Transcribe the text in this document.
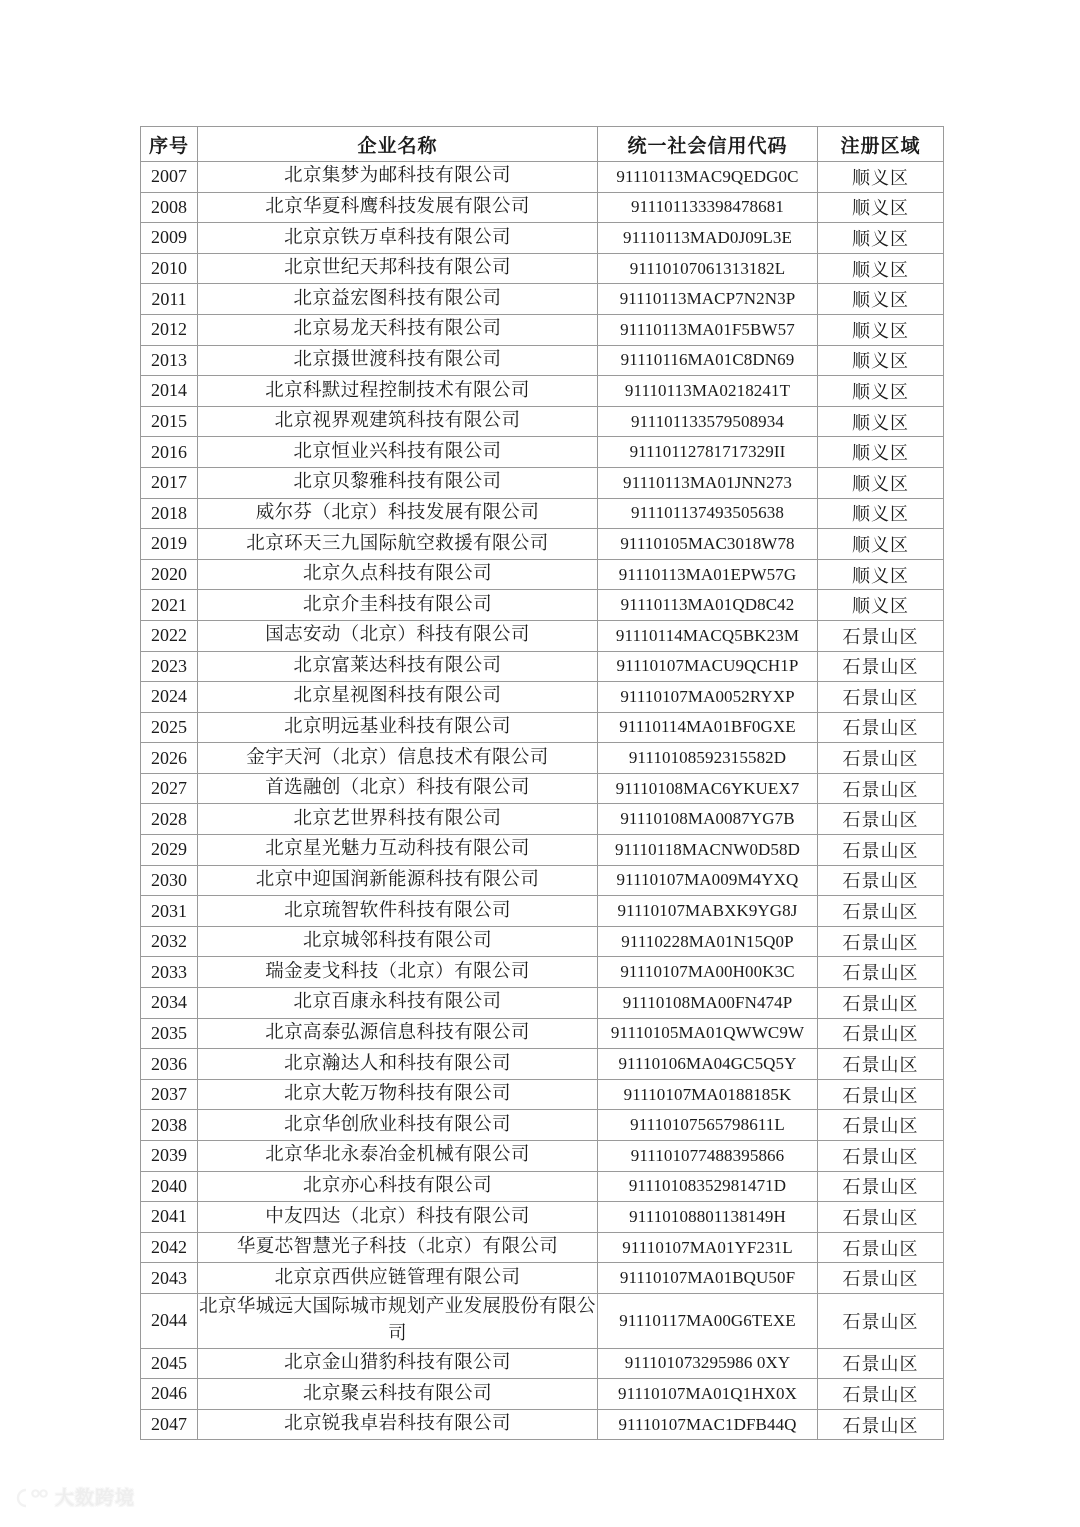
序号	企业名称	统一社会信用代码	注册区域
2007	北京集梦为邮科技有限公司	91110113MAC9QEDG0C	顺义区
2008	北京华夏科鹰科技发展有限公司	911101133398478681	顺义区
2009	北京京铁万卓科技有限公司	91110113MAD0J09L3E	顺义区
2010	北京世纪天邦科技有限公司	91110107061313182L	顺义区
2011	北京益宏图科技有限公司	91110113MACP7N2N3P	顺义区
2012	北京易龙天科技有限公司	91110113MA01F5BW57	顺义区
2013	北京摄世渡科技有限公司	91110116MA01C8DN69	顺义区
2014	北京科默过程控制技术有限公司	91110113MA0218241T	顺义区
2015	北京视界观建筑科技有限公司	911101133579508934	顺义区
2016	北京恒业兴科技有限公司	91110112781717329II	顺义区
2017	北京贝黎雅科技有限公司	91110113MA01JNN273	顺义区
2018	威尔芬（北京）科技发展有限公司	911101137493505638	顺义区
2019	北京环天三九国际航空救援有限公司	91110105MAC3018W78	顺义区
2020	北京久点科技有限公司	91110113MA01EPW57G	顺义区
2021	北京介圭科技有限公司	91110113MA01QD8C42	顺义区
2022	国志安动（北京）科技有限公司	91110114MACQ5BK23M	石景山区
2023	北京富莱达科技有限公司	91110107MACU9QCH1P	石景山区
2024	北京星视图科技有限公司	91110107MA0052RYXP	石景山区
2025	北京明远基业科技有限公司	91110114MA01BF0GXE	石景山区
2026	金宇天河（北京）信息技术有限公司	91110108592315582D	石景山区
2027	首选融创（北京）科技有限公司	91110108MAC6YKUEX7	石景山区
2028	北京艺世界科技有限公司	91110108MA0087YG7B	石景山区
2029	北京星光魅力互动科技有限公司	91110118MACNW0D58D	石景山区
2030	北京中迎国润新能源科技有限公司	91110107MA009M4YXQ	石景山区
2031	北京琉智软件科技有限公司	91110107MABXK9YG8J	石景山区
2032	北京城邻科技有限公司	91110228MA01N15Q0P	石景山区
2033	瑞金麦戈科技（北京）有限公司	91110107MA00H00K3C	石景山区
2034	北京百康永科技有限公司	91110108MA00FN474P	石景山区
2035	北京高泰弘源信息科技有限公司	91110105MA01QWWC9W	石景山区
2036	北京瀚达人和科技有限公司	91110106MA04GC5Q5Y	石景山区
2037	北京大乾万物科技有限公司	91110107MA0188185K	石景山区
2038	北京华创欣业科技有限公司	91110107565798611L	石景山区
2039	北京华北永泰冶金机械有限公司	911101077488395866	石景山区
2040	北京亦心科技有限公司	91110108352981471D	石景山区
2041	中友四达（北京）科技有限公司	91110108801138149H	石景山区
2042	华夏芯智慧光子科技（北京）有限公司	91110107MA01YF231L	石景山区
2043	北京京西供应链管理有限公司	91110107MA01BQU50F	石景山区
2044	北京华城远大国际城市规划产业发展股份有限公司	91110117MA00G6TEXE	石景山区
2045	北京金山猎豹科技有限公司	911101073295986 0XY	石景山区
2046	北京聚云科技有限公司	91110107MA01Q1HX0X	石景山区
2047	北京锐我卓岩科技有限公司	91110107MAC1DFB44Q	石景山区
大数跨境
